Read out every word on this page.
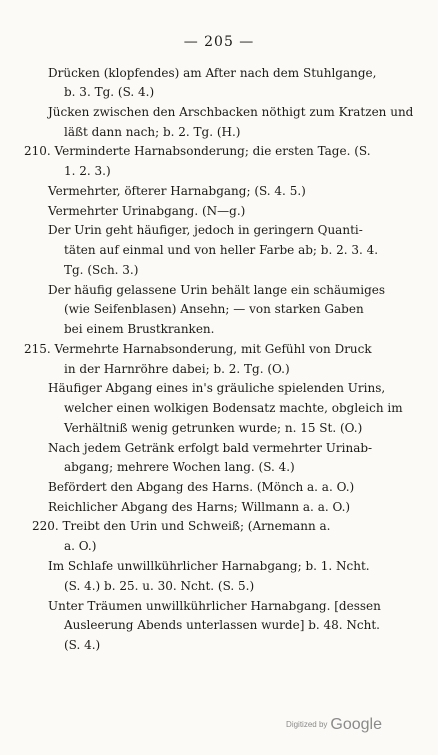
— 205 —
Drücken (klopfendes) am After nach dem Stuhlgange,
b. 3. Tg. (S. 4.)
Jücken zwischen den Arschbacken nöthigt zum Kratzen und
läßt dann nach; b. 2. Tg. (H.)
210. Verminderte Harnabsonderung; die ersten Tage. (S.
1. 2. 3.)
Vermehrter, öfterer Harnabgang; (S. 4. 5.)
Vermehrter Urinabgang. (N—g.)
Der Urin geht häufiger, jedoch in geringern Quanti-
täten auf einmal und von heller Farbe ab; b. 2. 3. 4.
Tg. (Sch. 3.)
Der häufig gelassene Urin behält lange ein schäumiges
(wie Seifenblasen) Ansehn; — von starken Gaben
bei einem Brustkranken.
215. Vermehrte Harnabsonderung, mit Gefühl von Druck
in der Harnröhre dabei; b. 2. Tg. (O.)
Häufiger Abgang eines in's gräuliche spielenden Urins,
welcher einen wolkigen Bodensatz machte, obgleich im
Verhältniß wenig getrunken wurde; n. 15 St. (O.)
Nach jedem Getränk erfolgt bald vermehrter Urinab-
abgang; mehrere Wochen lang. (S. 4.)
Befördert den Abgang des Harns. (Mönch a. a. O.)
Reichlicher Abgang des Harns; Willmann a. a. O.)
220. Treibt den Urin und Schweiß; (Arnemann a.
a. O.)
Im Schlafe unwillkührlicher Harnabgang; b. 1. Ncht.
(S. 4.) b. 25. u. 30. Ncht. (S. 5.)
Unter Träumen unwillkührlicher Harnabgang. [dessen
Ausleerung Abends unterlassen wurde] b. 48. Ncht.
(S. 4.)
Digitized by Google
